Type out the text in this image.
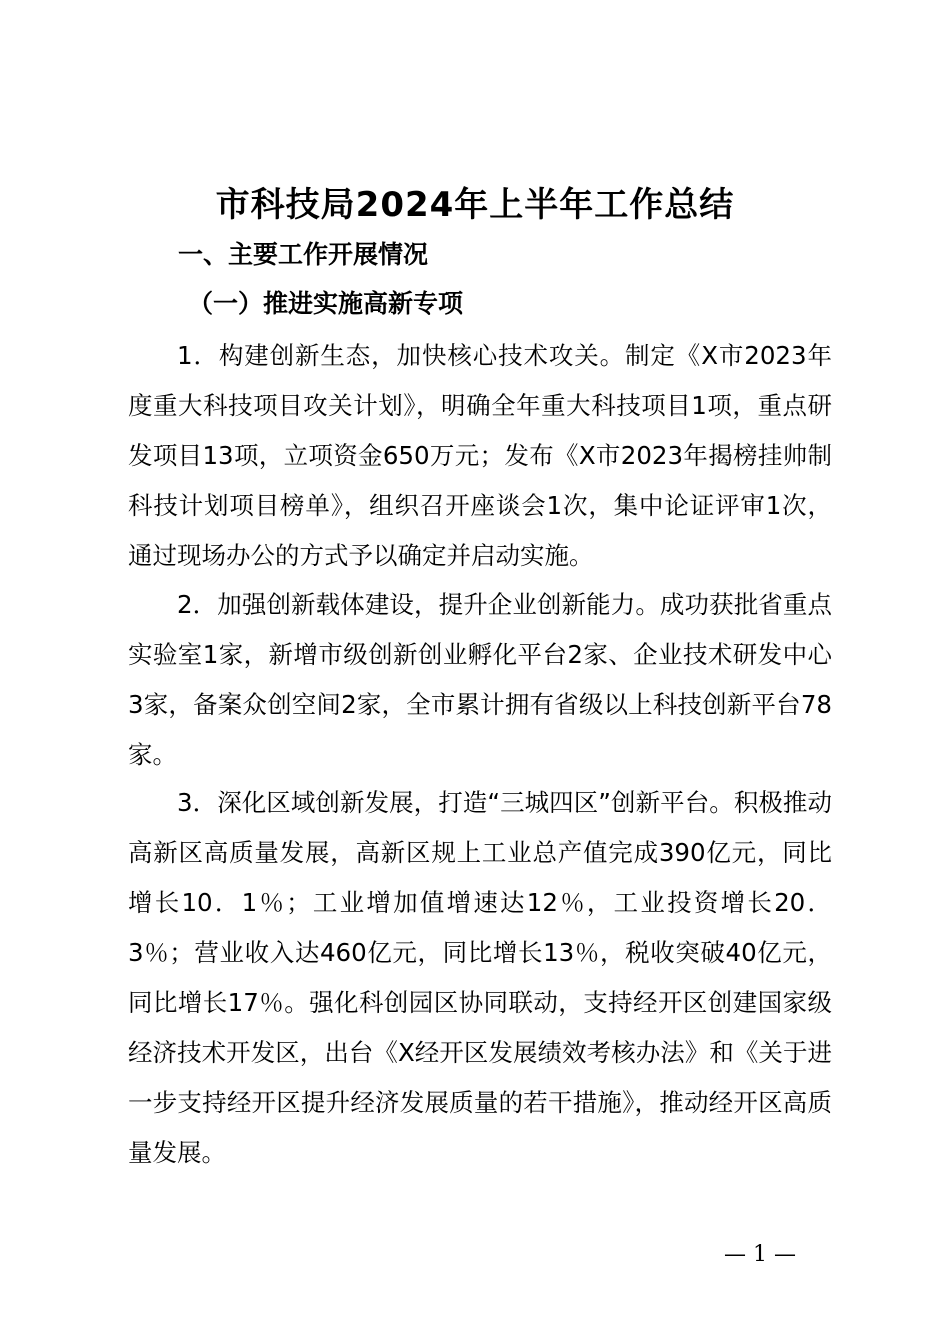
市科技局2024年上半年工作总结
一、主要工作开展情况
（一）推进实施高新专项
1．构建创新生态，加快核心技术攻关。制定《X市2023年度重大科技项目攻关计划》，明确全年重大科技项目1项，重点研发项目13项，立项资金650万元；发布《X市2023年揭榜挂帅制科技计划项目榜单》，组织召开座谈会1次，集中论证评审1次，通过现场办公的方式予以确定并启动实施。
2．加强创新载体建设，提升企业创新能力。成功获批省重点实验室1家，新增市级创新创业孵化平台2家、企业技术研发中心3家，备案众创空间2家，全市累计拥有省级以上科技创新平台78家。
3．深化区域创新发展，打造“三城四区”创新平台。积极推动高新区高质量发展，高新区规上工业总产值完成390亿元，同比增长10．1％；工业增加值增速达12％，工业投资增长20．3％；营业收入达460亿元，同比增长13％，税收突破40亿元，同比增长17％。强化科创园区协同联动，支持经开区创建国家级经济技术开发区，出台《X经开区发展绩效考核办法》和《关于进一步支持经开区提升经济发展质量的若干措施》，推动经开区高质量发展。
— 1 —
